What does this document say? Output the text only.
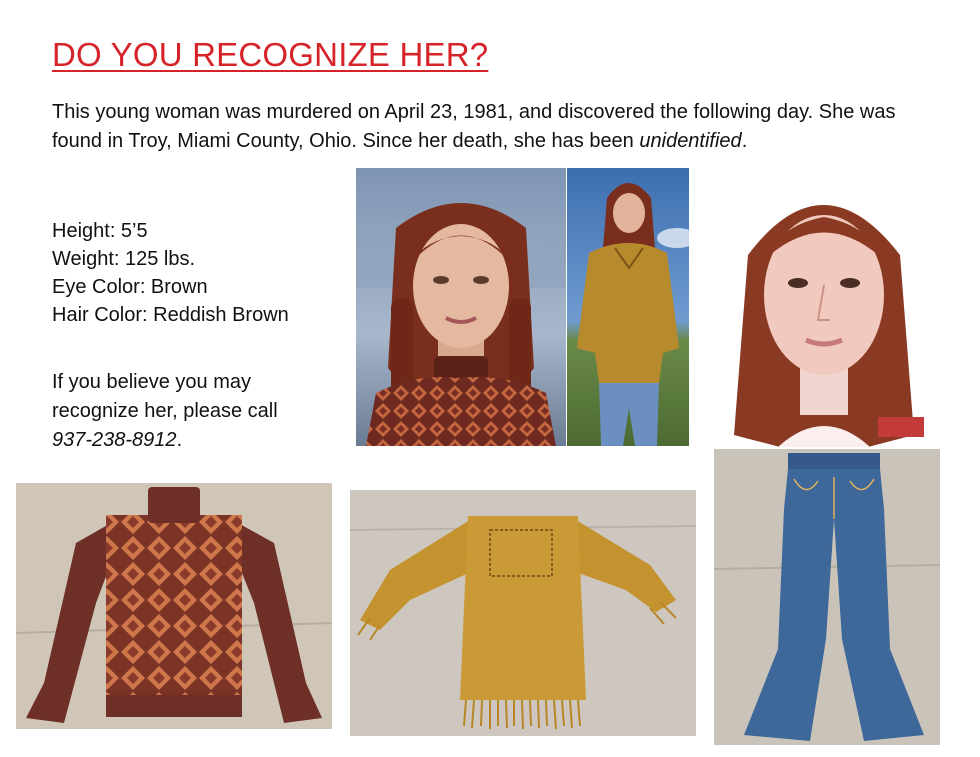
DO YOU RECOGNIZE HER?
This young woman was murdered on April 23, 1981, and discovered the following day. She was found in Troy, Miami County, Ohio. Since her death, she has been unidentified.
Height: 5’5
Weight: 125 lbs.
Eye Color: Brown
Hair Color: Reddish Brown
If you believe you may
recognize her, please call
937-238-8912.
